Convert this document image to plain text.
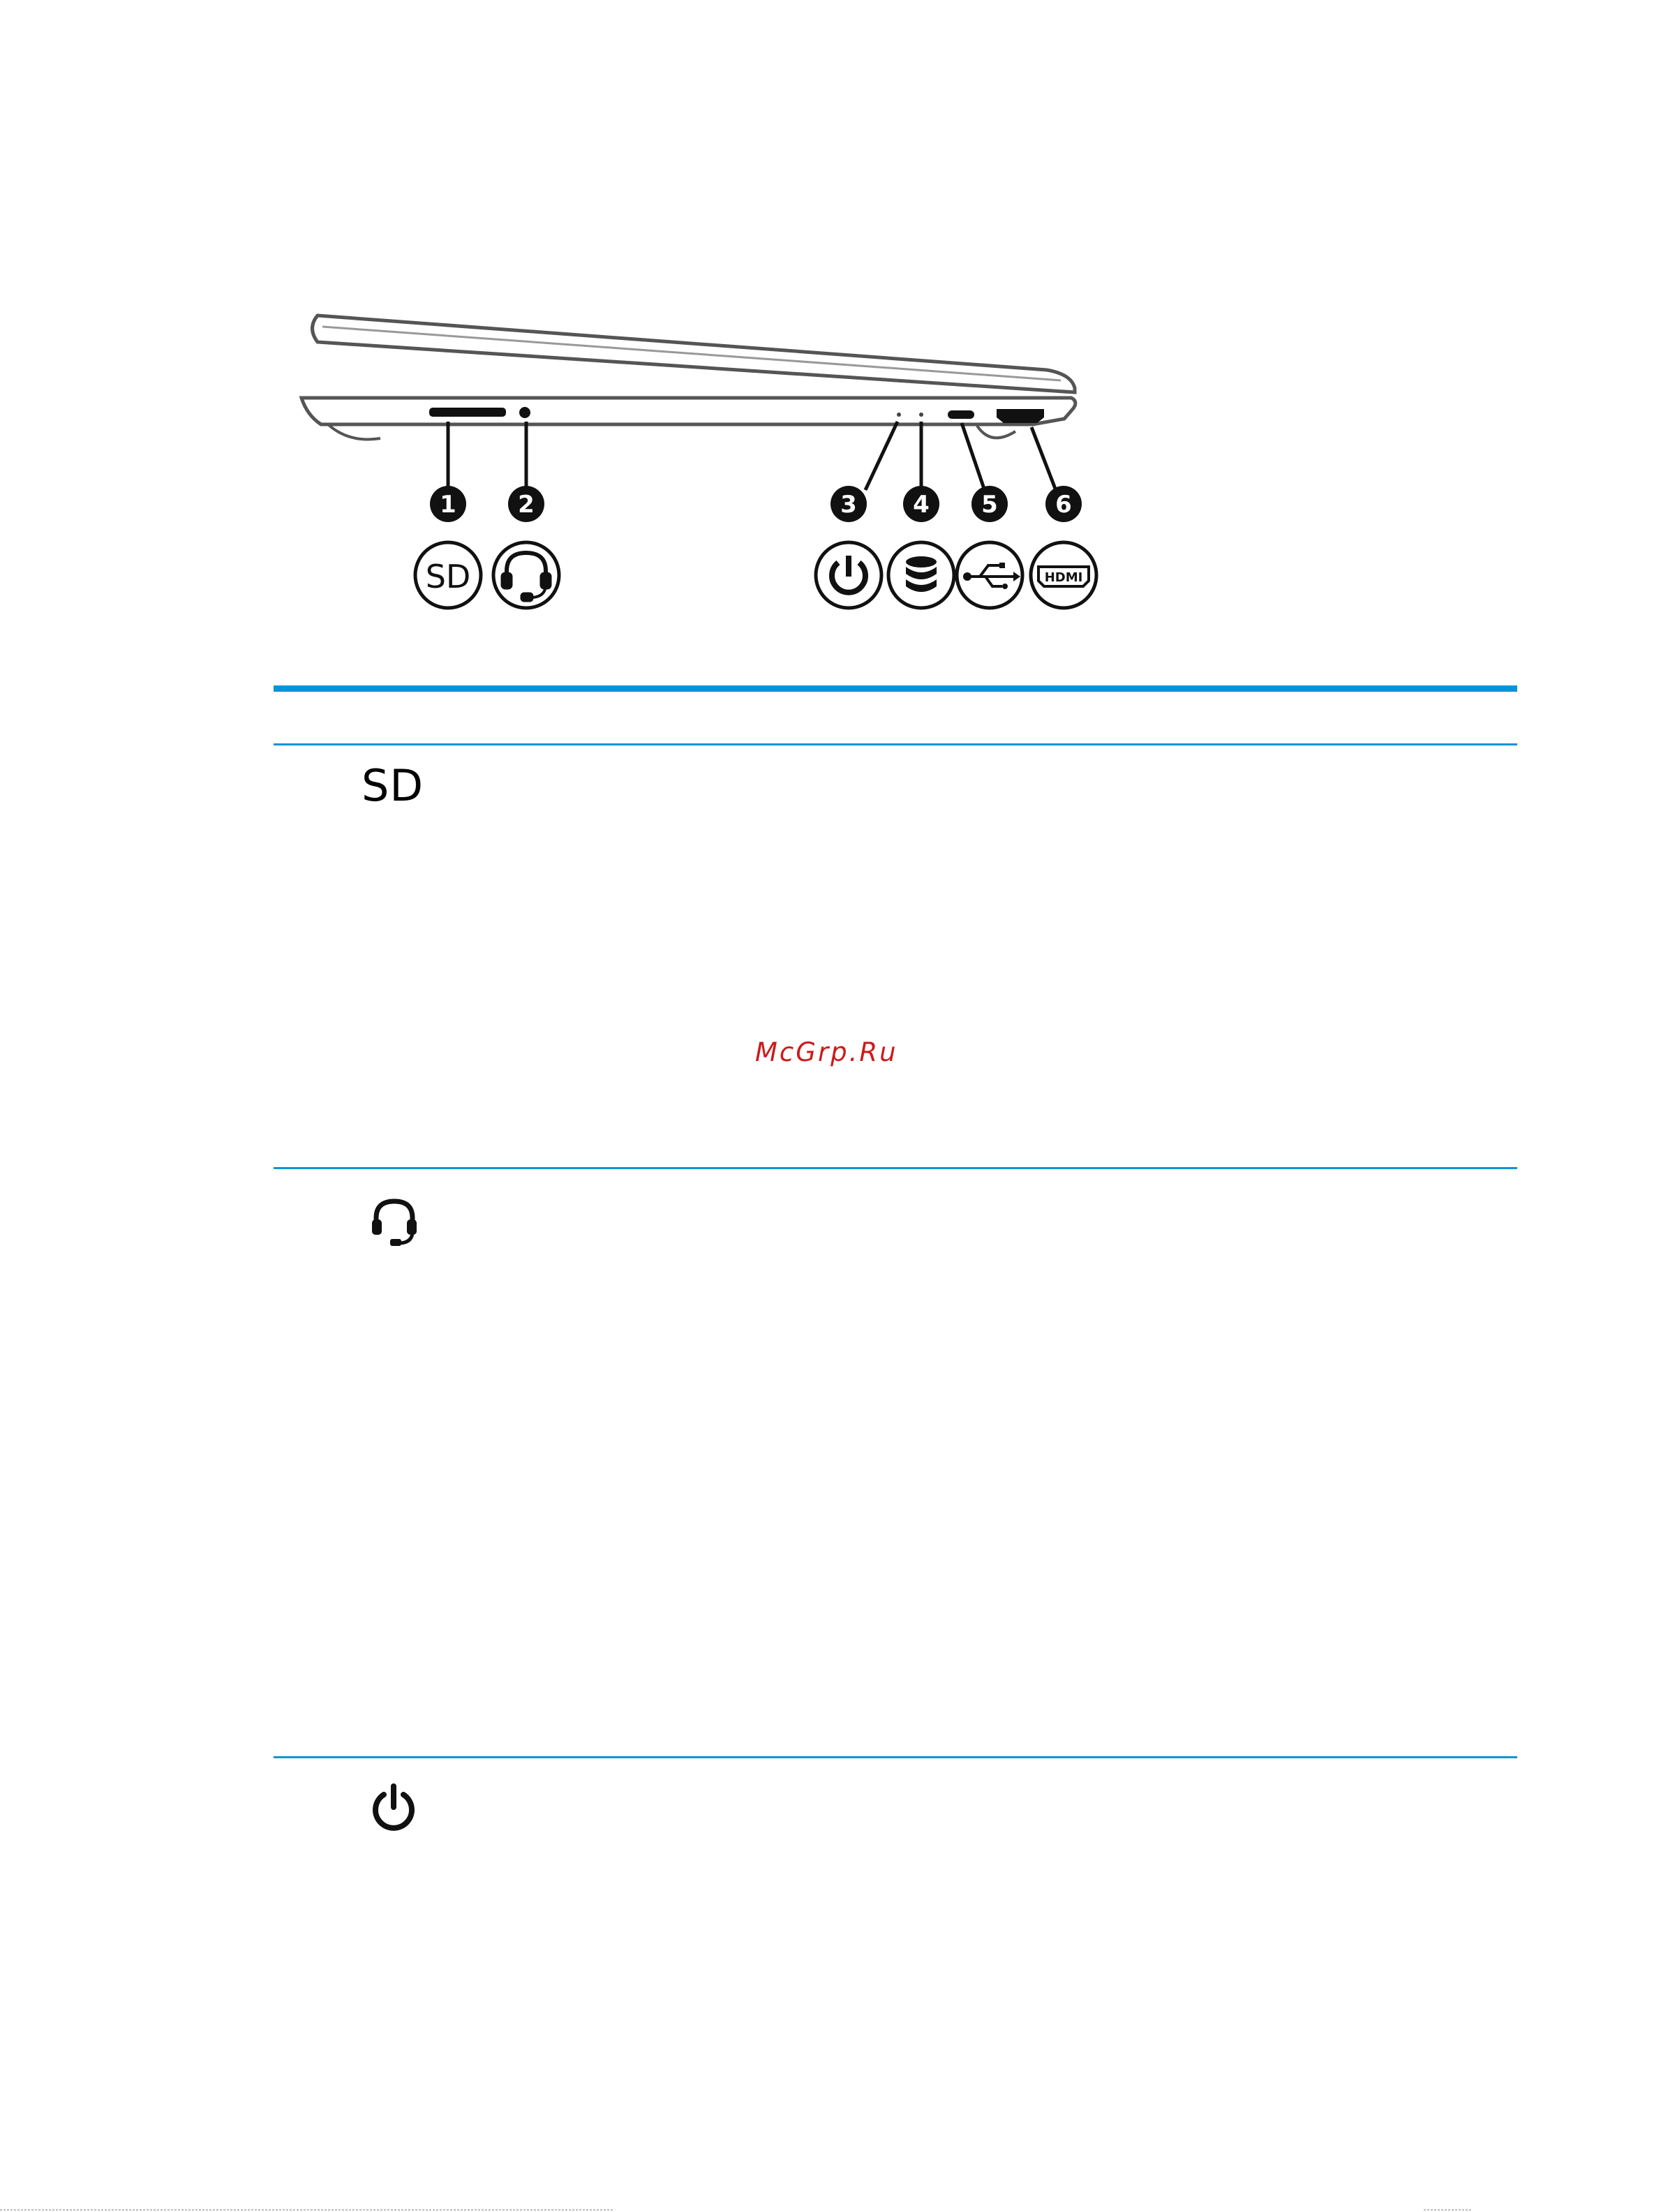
1	2	3 4 5 6
SD	HDMI
SD
McGrp.Ru
